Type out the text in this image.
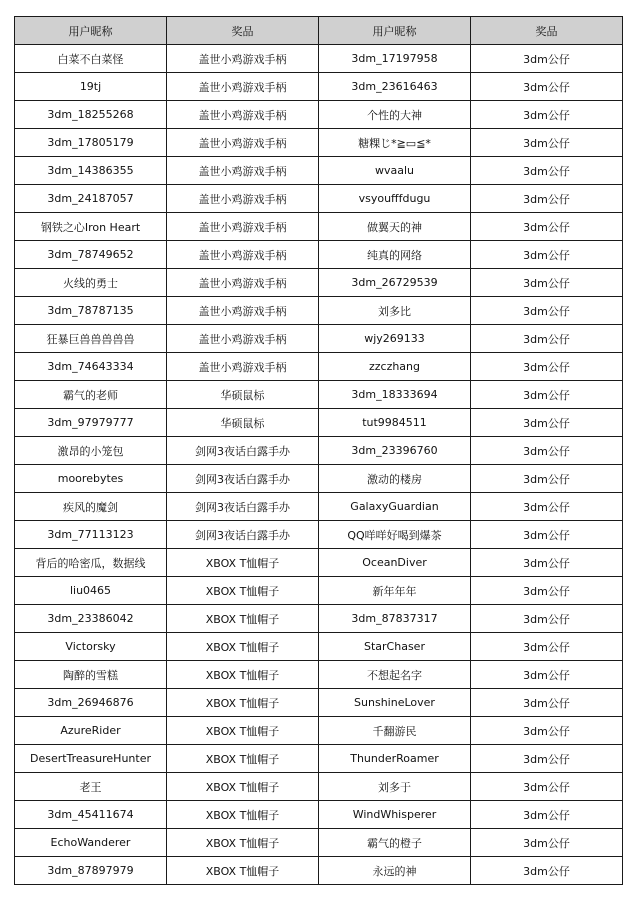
用户昵称	奖品	用户昵称	奖品
白菜不白菜怪	盖世小鸡游戏手柄	3dm_17197958	3dm公仔
19tj	盖世小鸡游戏手柄	3dm_23616463	3dm公仔
3dm_18255268	盖世小鸡游戏手柄	个性的大神	3dm公仔
3dm_17805179	盖世小鸡游戏手柄	糖粿じ*≧▭≦*	3dm公仔
3dm_14386355	盖世小鸡游戏手柄	wvaalu	3dm公仔
3dm_24187057	盖世小鸡游戏手柄	vsyoufffdugu	3dm公仔
钢铁之心Iron Heart	盖世小鸡游戏手柄	做翼天的神	3dm公仔
3dm_78749652	盖世小鸡游戏手柄	纯真的网络	3dm公仔
火线的勇士	盖世小鸡游戏手柄	3dm_26729539	3dm公仔
3dm_78787135	盖世小鸡游戏手柄	刘多比	3dm公仔
狂暴巨兽兽兽兽兽	盖世小鸡游戏手柄	wjy269133	3dm公仔
3dm_74643334	盖世小鸡游戏手柄	zzczhang	3dm公仔
霸气的老师	华硕鼠标	3dm_18333694	3dm公仔
3dm_97979777	华硕鼠标	tut9984511	3dm公仔
激昂的小笼包	剑网3夜话白露手办	3dm_23396760	3dm公仔
moorebytes	剑网3夜话白露手办	激动的楼房	3dm公仔
疾风的魔剑	剑网3夜话白露手办	GalaxyGuardian	3dm公仔
3dm_77113123	剑网3夜话白露手办	QQ咩咩好喝到爆茶	3dm公仔
背后的哈密瓜，数据线	XBOX T恤帽子	OceanDiver	3dm公仔
liu0465	XBOX T恤帽子	新年年年	3dm公仔
3dm_23386042	XBOX T恤帽子	3dm_87837317	3dm公仔
Victorsky	XBOX T恤帽子	StarChaser	3dm公仔
陶醉的雪糕	XBOX T恤帽子	不想起名字	3dm公仔
3dm_26946876	XBOX T恤帽子	SunshineLover	3dm公仔
AzureRider	XBOX T恤帽子	千翻游民	3dm公仔
DesertTreasureHunter	XBOX T恤帽子	ThunderRoamer	3dm公仔
老王	XBOX T恤帽子	刘多于	3dm公仔
3dm_45411674	XBOX T恤帽子	WindWhisperer	3dm公仔
EchoWanderer	XBOX T恤帽子	霸气的橙子	3dm公仔
3dm_87897979	XBOX T恤帽子	永远的神	3dm公仔
